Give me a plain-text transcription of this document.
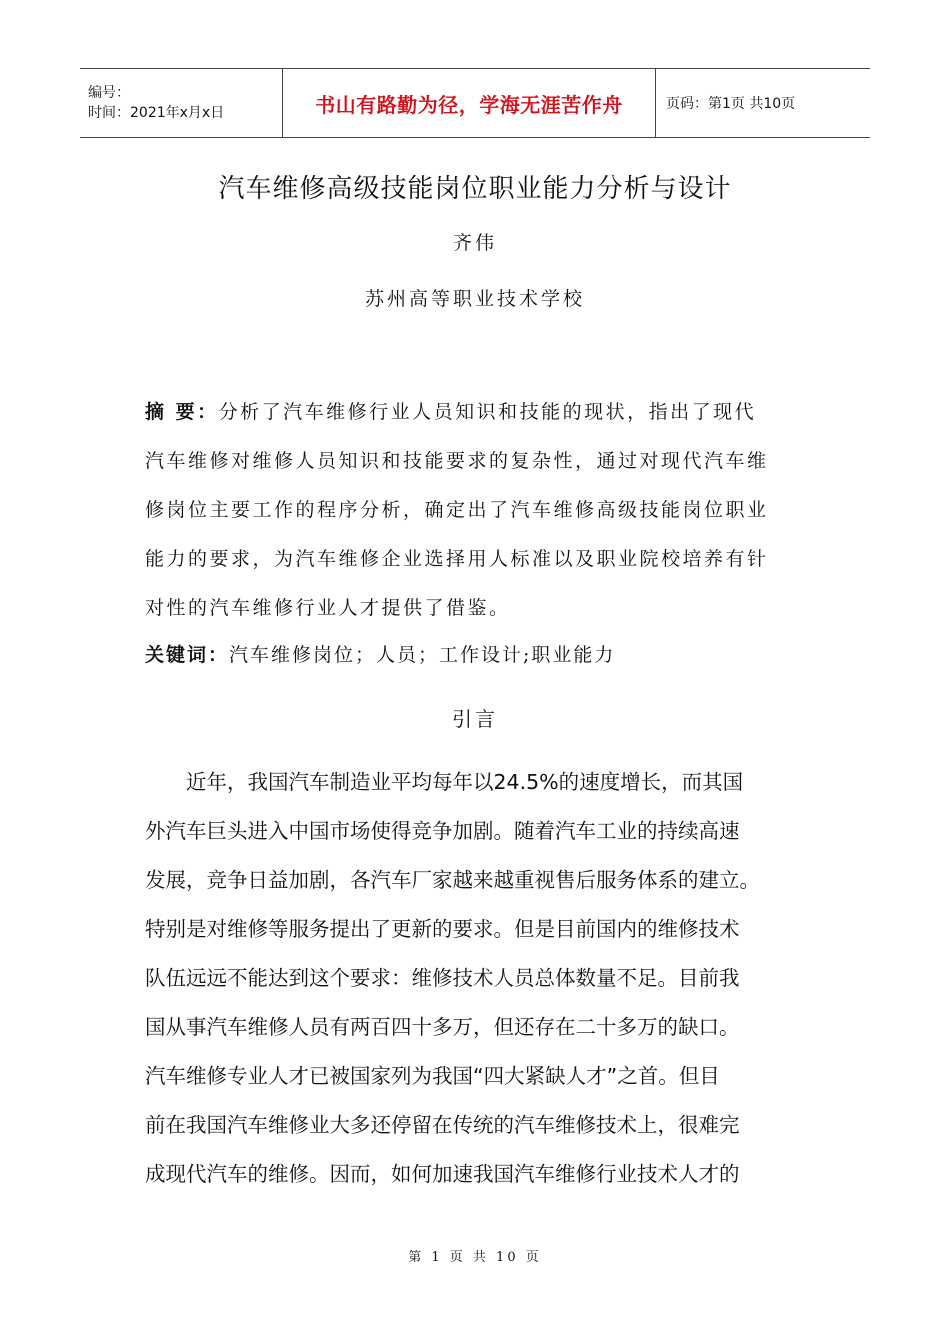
编号：
时间：2021年x月x日	书山有路勤为径，学海无涯苦作舟	页码：第1页 共10页
汽车维修高级技能岗位职业能力分析与设计
齐伟
苏州高等职业技术学校
摘 要：分析了汽车维修行业人员知识和技能的现状，指出了现代
汽车维修对维修人员知识和技能要求的复杂性，通过对现代汽车维
修岗位主要工作的程序分析，确定出了汽车维修高级技能岗位职业
能力的要求，为汽车维修企业选择用人标准以及职业院校培养有针
对性的汽车维修行业人才提供了借鉴。
关键词：汽车维修岗位；人员；工作设计;职业能力
引言
　　近年，我国汽车制造业平均每年以24.5%的速度增长，而其国
外汽车巨头进入中国市场使得竞争加剧。随着汽车工业的持续高速
发展，竞争日益加剧，各汽车厂家越来越重视售后服务体系的建立。
特别是对维修等服务提出了更新的要求。但是目前国内的维修技术
队伍远远不能达到这个要求：维修技术人员总体数量不足。目前我
国从事汽车维修人员有两百四十多万，但还存在二十多万的缺口。
汽车维修专业人才已被国家列为我国“四大紧缺人才”之首。但目
前在我国汽车维修业大多还停留在传统的汽车维修技术上，很难完
成现代汽车的维修。因而，如何加速我国汽车维修行业技术人才的
第 1 页 共 10 页
